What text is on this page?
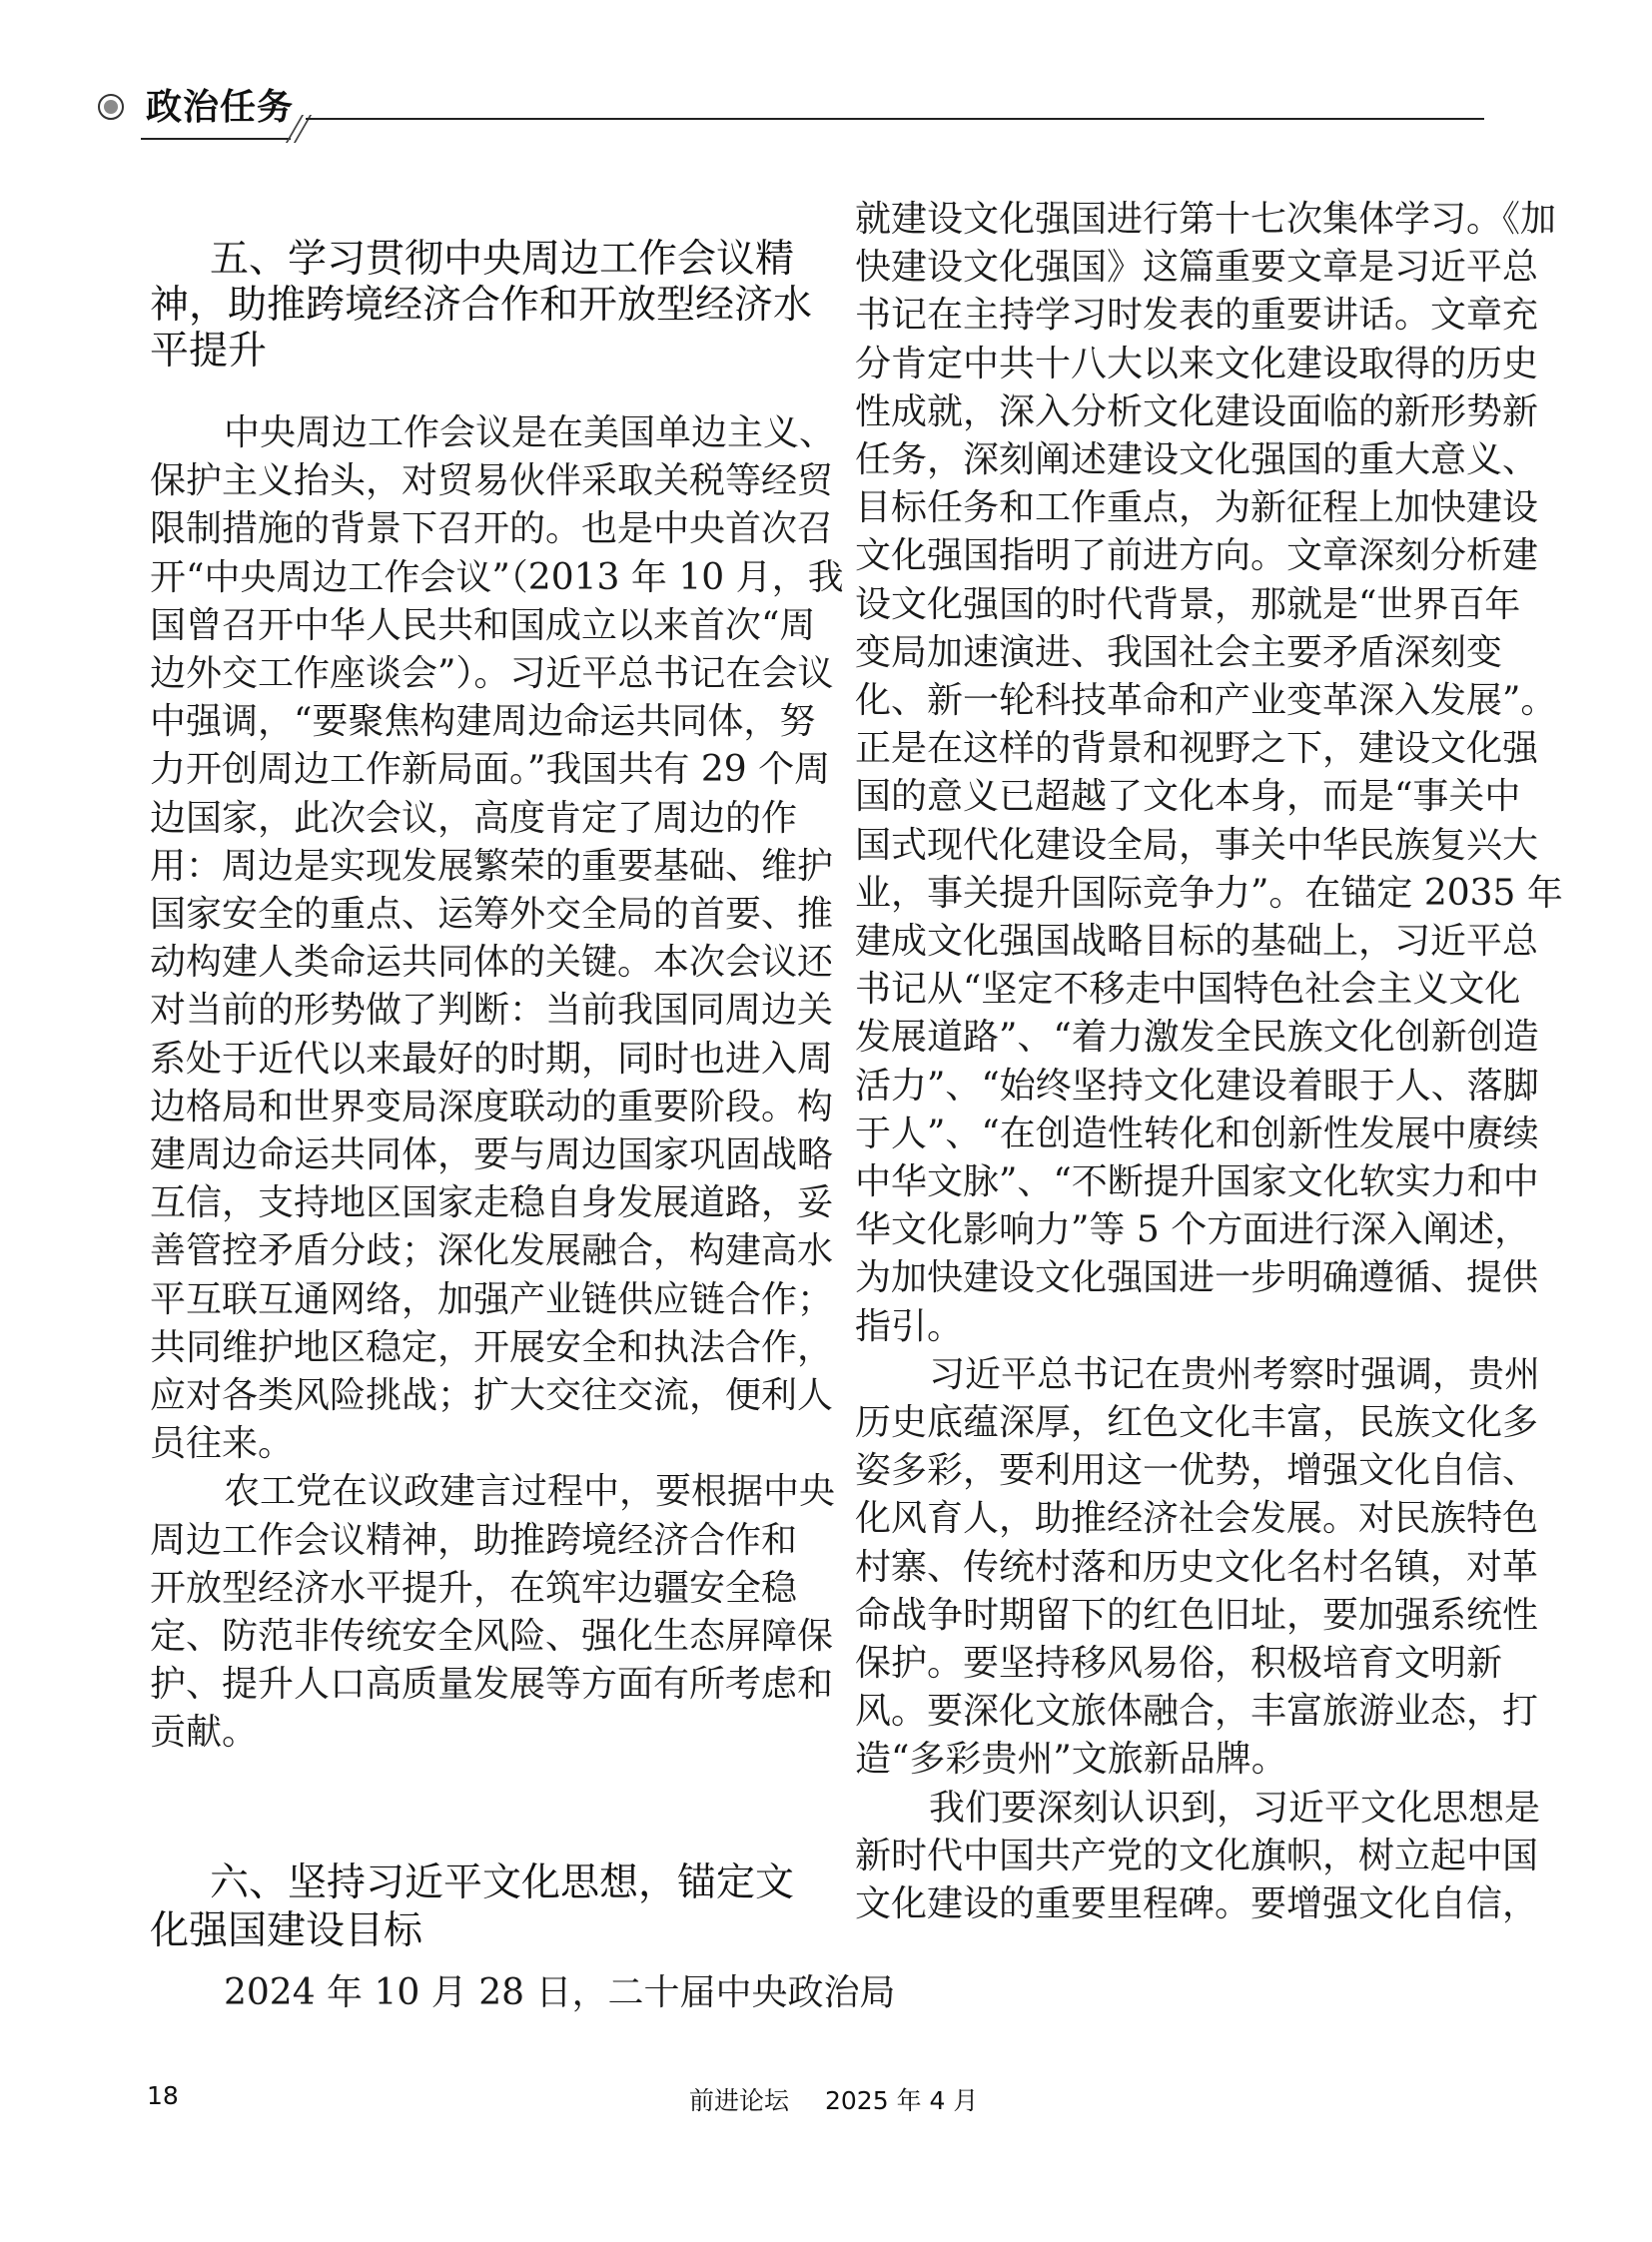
政治任务
五、学习贯彻中央周边工作会议精
神，助推跨境经济合作和开放型经济水
平提升
中央周边工作会议是在美国单边主义、
保护主义抬头，对贸易伙伴采取关税等经贸
限制措施的背景下召开的。也是中央首次召
开“中央周边工作会议”（2013 年 10 月，我
国曾召开中华人民共和国成立以来首次“周
边外交工作座谈会”）。习近平总书记在会议
中强调，“要聚焦构建周边命运共同体，努
力开创周边工作新局面。”我国共有 29 个周
边国家，此次会议，高度肯定了周边的作
用：周边是实现发展繁荣的重要基础、维护
国家安全的重点、运筹外交全局的首要、推
动构建人类命运共同体的关键。本次会议还
对当前的形势做了判断：当前我国同周边关
系处于近代以来最好的时期，同时也进入周
边格局和世界变局深度联动的重要阶段。构
建周边命运共同体，要与周边国家巩固战略
互信，支持地区国家走稳自身发展道路，妥
善管控矛盾分歧；深化发展融合，构建高水
平互联互通网络，加强产业链供应链合作；
共同维护地区稳定，开展安全和执法合作，
应对各类风险挑战；扩大交往交流，便利人
员往来。
农工党在议政建言过程中，要根据中央
周边工作会议精神，助推跨境经济合作和
开放型经济水平提升，在筑牢边疆安全稳
定、防范非传统安全风险、强化生态屏障保
护、提升人口高质量发展等方面有所考虑和
贡献。
六、坚持习近平文化思想，锚定文
化强国建设目标
2024 年 10 月 28 日，二十届中央政治局
就建设文化强国进行第十七次集体学习。《加
快建设文化强国》这篇重要文章是习近平总
书记在主持学习时发表的重要讲话。文章充
分肯定中共十八大以来文化建设取得的历史
性成就，深入分析文化建设面临的新形势新
任务，深刻阐述建设文化强国的重大意义、
目标任务和工作重点，为新征程上加快建设
文化强国指明了前进方向。文章深刻分析建
设文化强国的时代背景，那就是“世界百年
变局加速演进、我国社会主要矛盾深刻变
化、新一轮科技革命和产业变革深入发展”。
正是在这样的背景和视野之下，建设文化强
国的意义已超越了文化本身，而是“事关中
国式现代化建设全局，事关中华民族复兴大
业，事关提升国际竞争力”。在锚定 2035 年
建成文化强国战略目标的基础上，习近平总
书记从“坚定不移走中国特色社会主义文化
发展道路”、“着力激发全民族文化创新创造
活力”、“始终坚持文化建设着眼于人、落脚
于人”、“在创造性转化和创新性发展中赓续
中华文脉”、“不断提升国家文化软实力和中
华文化影响力”等 5 个方面进行深入阐述，
为加快建设文化强国进一步明确遵循、提供
指引。
习近平总书记在贵州考察时强调，贵州
历史底蕴深厚，红色文化丰富，民族文化多
姿多彩，要利用这一优势，增强文化自信、
化风育人，助推经济社会发展。对民族特色
村寨、传统村落和历史文化名村名镇，对革
命战争时期留下的红色旧址，要加强系统性
保护。要坚持移风易俗，积极培育文明新
风。要深化文旅体融合，丰富旅游业态，打
造“多彩贵州”文旅新品牌。
我们要深刻认识到，习近平文化思想是
新时代中国共产党的文化旗帜，树立起中国
文化建设的重要里程碑。要增强文化自信，
18	前进论坛 2025 年 4 月
